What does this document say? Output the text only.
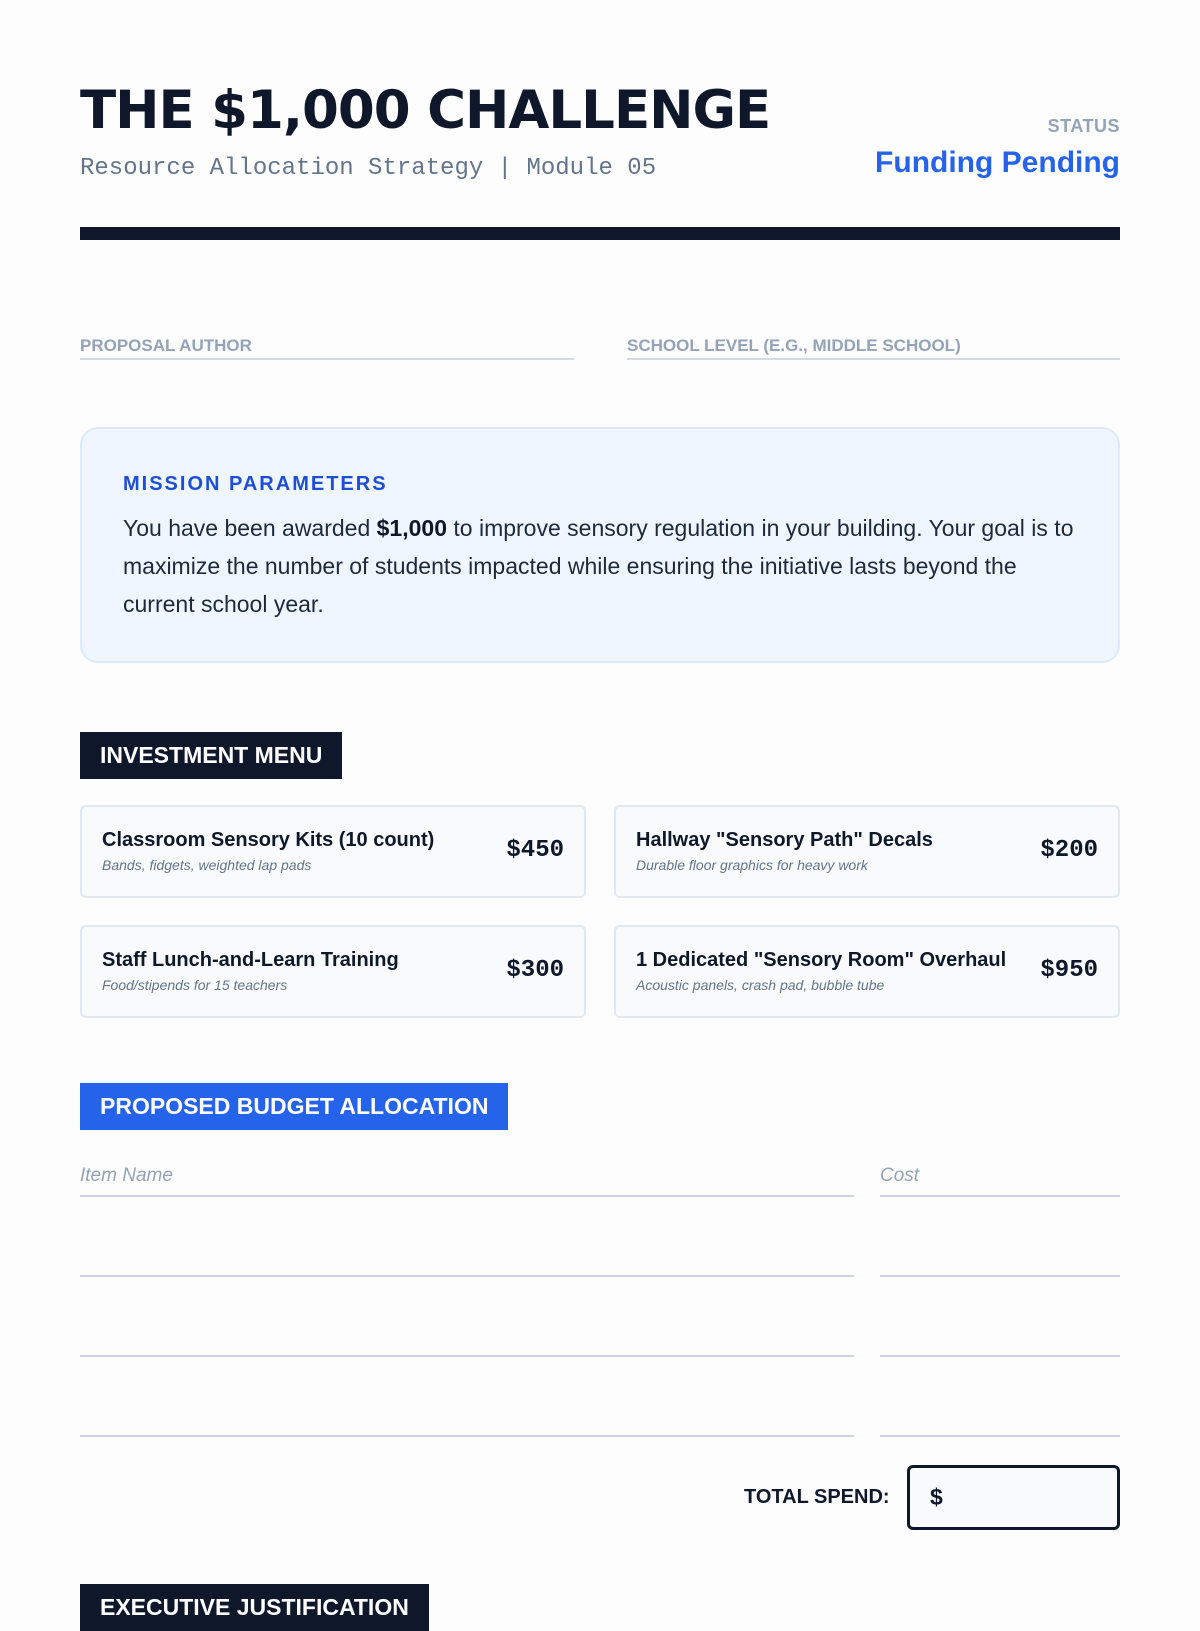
THE $1,000 CHALLENGE
Resource Allocation Strategy | Module 05
STATUS
Funding Pending
PROPOSAL AUTHOR	SCHOOL LEVEL (E.G., MIDDLE SCHOOL)
MISSION PARAMETERS
You have been awarded $1,000 to improve sensory regulation in your building. Your goal is to maximize the number of students impacted while ensuring the initiative lasts beyond the current school year.
INVESTMENT MENU
Classroom Sensory Kits (10 count)
Bands, fidgets, weighted lap pads
$450	Hallway "Sensory Path" Decals
Durable floor graphics for heavy work
$200
Staff Lunch-and-Learn Training
Food/stipends for 15 teachers
$300	1 Dedicated "Sensory Room" Overhaul
Acoustic panels, crash pad, bubble tube
$950
PROPOSED BUDGET ALLOCATION
Item Name	Cost
TOTAL SPEND: $
EXECUTIVE JUSTIFICATION
